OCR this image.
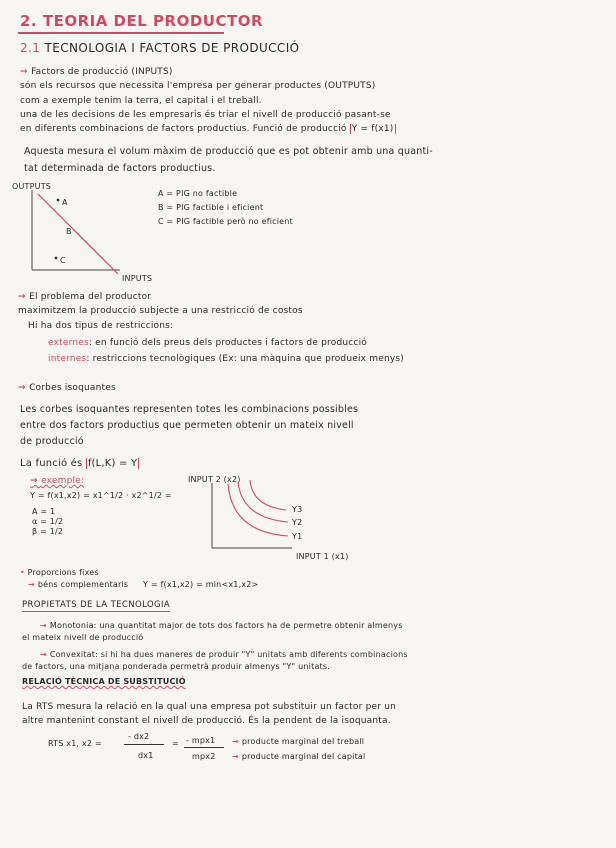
2. TEORIA DEL PRODUCTOR
2.1 TECNOLOGIA I FACTORS DE PRODUCCIÓ
→ Factors de producció (INPUTS)
són els recursos que necessita l'empresa per generar productes (OUTPUTS)
com a exemple tenim la terra, el capital i el treball.
una de les decisions de les empresaris és triar el nivell de producció pasant-se
en diferents combinacions de factors productius. Funció de producció Y = f(x1)
Aquesta mesura el volum màxim de producció que es pot obtenir amb una quanti-
tat determinada de factors productius.
OUTPUTS
A
B
C
INPUTS
A = PIG no factible
B = PIG factible i eficient
C = PIG factible però no eficient
→ El problema del productor
maximitzem la producció subjecte a una restricció de costos
Hi ha dos tipus de restriccions:
externes: en funció dels preus dels productes i factors de producció
internes: restriccions tecnològiques (Ex: una màquina que produeix menys)
→ Corbes isoquantes
Les corbes isoquantes representen totes les combinacions possibles
entre dos factors productius que permeten obtenir un mateix nivell
de producció
La funció és f(L,K) = Y
→ exemple:
Y = f(x1,x2) = x1^1/2 · x2^1/2 =
A = 1
α = 1/2
β = 1/2
INPUT 2 (x2)
Y3
Y2
Y1
INPUT 1 (x1)
• Proporcions fixes
→ béns complementaris Y = f(x1,x2) = min<x1,x2>
PROPIETATS DE LA TECNOLOGIA
→ Monotonia: una quantitat major de tots dos factors ha de permetre obtenir almenys
el mateix nivell de producció
→ Convexitat: si hi ha dues maneres de produir "Y" unitats amb diferents combinacions
de factors, una mitjana ponderada permetrà produir almenys "Y" unitats.
RELACIÓ TÈCNICA DE SUBSTITUCIÓ
La RTS mesura la relació en la qual una empresa pot substituir un factor per un
altre mantenint constant el nivell de producció. És la pendent de la isoquanta.
RTS x1, x2 =
- dx2
dx1
= - mpx1
mpx2
→ producte marginal del treball
→ producte marginal del capital
